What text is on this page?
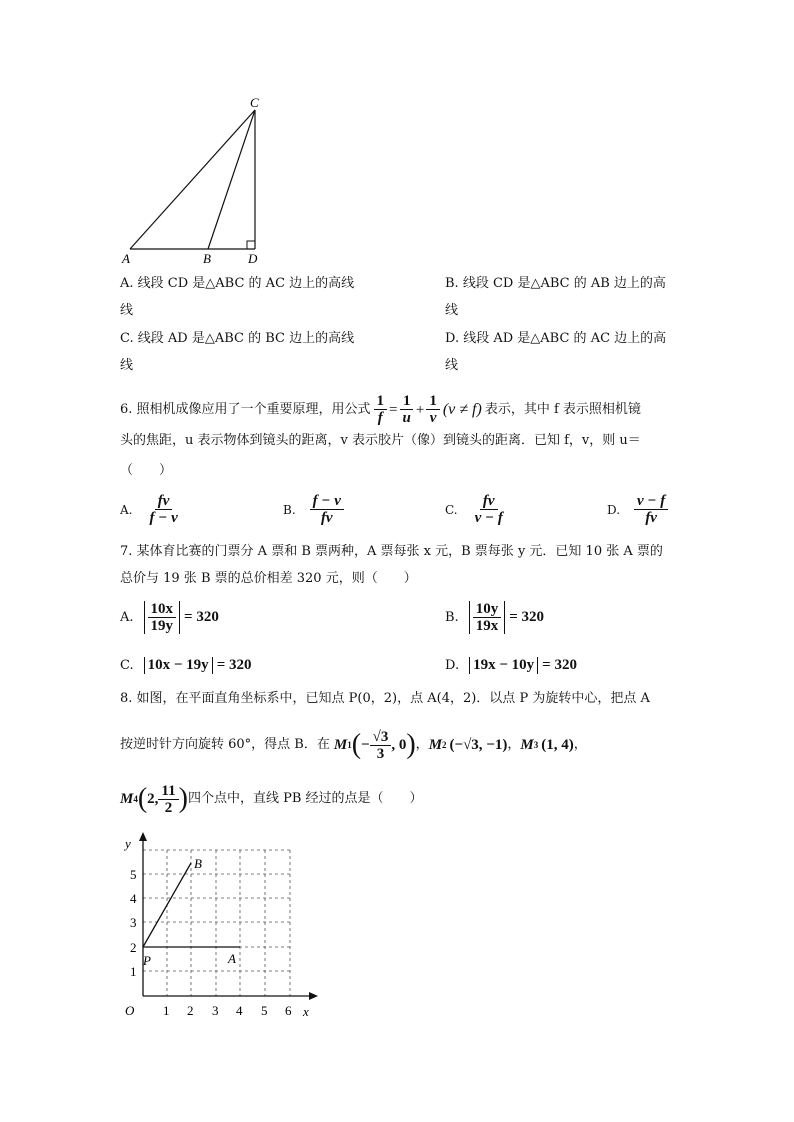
C
A	B	D
A. 线段 CD 是△ABC 的 AC 边上的高线
线
B. 线段 CD 是△ABC 的 AB 边上的高
线
C. 线段 AD 是△ABC 的 BC 边上的高线
线
D. 线段 AD 是△ABC 的 AC 边上的高
线
6. 照相机成像应用了一个重要原理，用公式 $\frac{1}{f} = \frac{1}{u} + \frac{1}{v} (v \ne f)$ 表示，其中 f 表示照相机镜
头的焦距，u 表示物体到镜头的距离，v 表示胶片（像）到镜头的距离．已知 f，v，则 u＝
（　　）
A. $\frac{fv}{f - v}$	B. $\frac{f - v}{fv}$	C. $\frac{fv}{v - f}$	D. $\frac{v - f}{fv}$
7. 某体育比赛的门票分 A 票和 B 票两种，A 票每张 x 元，B 票每张 y 元．已知 10 张 A 票的
总价与 19 张 B 票的总价相差 320 元，则（　　）
A. $\frac{10x}{19y} = 320$	B. $\frac{10y}{19x} = 320$
C. 10x − 19y = 320	D. 19x − 10y = 320
8. 如图，在平面直角坐标系中，已知点 P(0，2)，点 A(4，2)．以点 P 为旋转中心，把点 A
按逆时针方向旋转 60°，得点 B．在 M 1 ( − $\frac{√3}{3}$ , 0 ) ， M 2 (−√3, −1) ， M 3 (1, 4) ，
M 4 ( 2, $\frac{11}{2}$ ) 四个点中，直线 PB 经过的点是（　　）
y
x
O
P	A
B
1 2 3 4 5 6
1
2
3
4
5
